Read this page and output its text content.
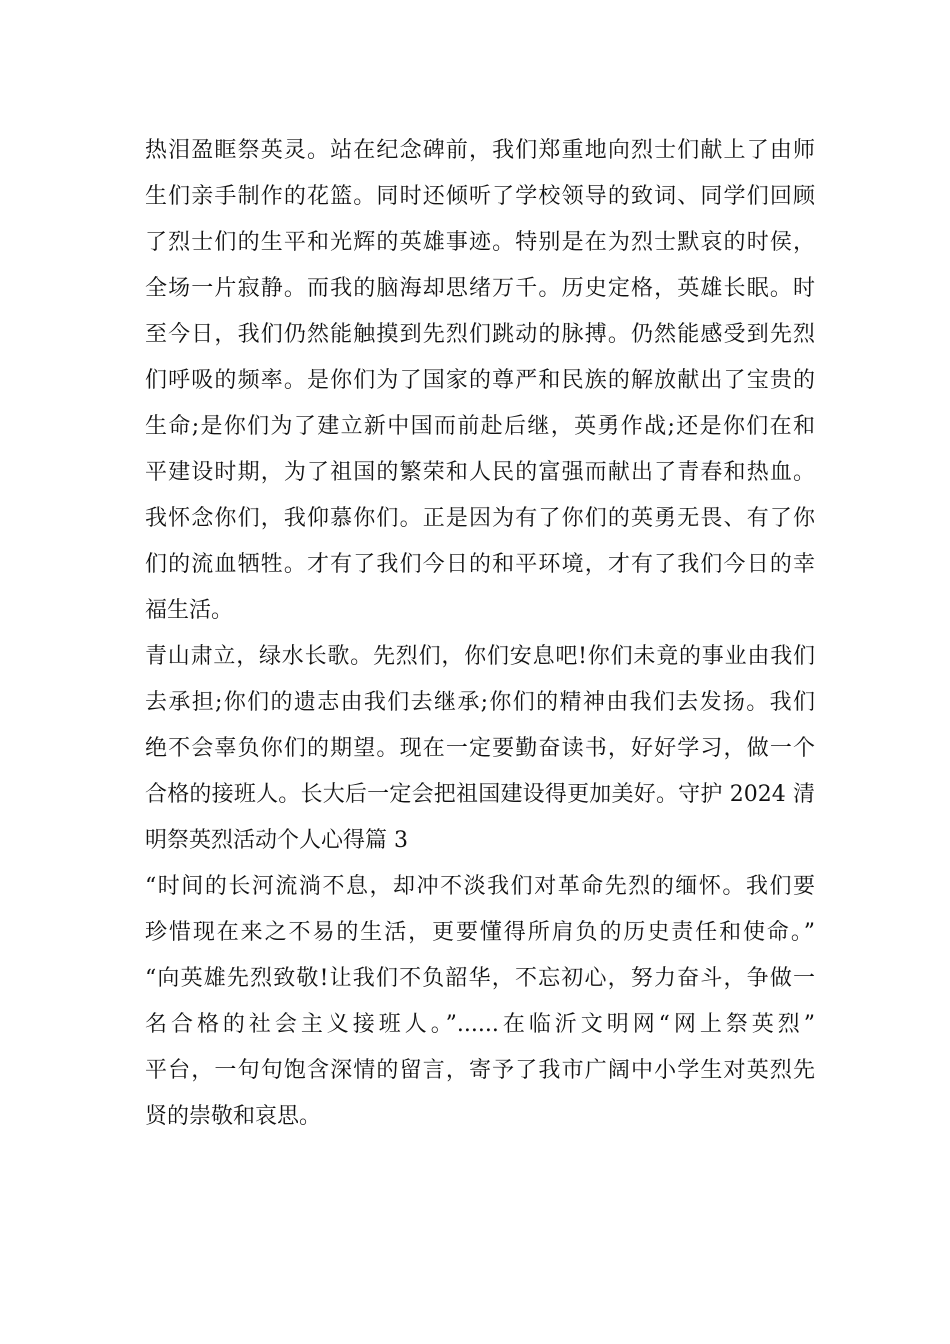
热泪盈眶祭英灵。站在纪念碑前，我们郑重地向烈士们献上了由师
生们亲手制作的花篮。同时还倾听了学校领导的致词、同学们回顾
了烈士们的生平和光辉的英雄事迹。特别是在为烈士默哀的时侯，
全场一片寂静。而我的脑海却思绪万千。历史定格，英雄长眠。时
至今日，我们仍然能触摸到先烈们跳动的脉搏。仍然能感受到先烈
们呼吸的频率。是你们为了国家的尊严和民族的解放献出了宝贵的
生命;是你们为了建立新中国而前赴后继，英勇作战;还是你们在和
平建设时期，为了祖国的繁荣和人民的富强而献出了青春和热血。
我怀念你们，我仰慕你们。正是因为有了你们的英勇无畏、有了你
们的流血牺牲。才有了我们今日的和平环境，才有了我们今日的幸
福生活。
青山肃立，绿水长歌。先烈们，你们安息吧!你们未竟的事业由我们
去承担;你们的遗志由我们去继承;你们的精神由我们去发扬。我们
绝不会辜负你们的期望。现在一定要勤奋读书，好好学习，做一个
合格的接班人。长大后一定会把祖国建设得更加美好。守护 2024 清
明祭英烈活动个人心得篇 3
“时间的长河流淌不息，却冲不淡我们对革命先烈的缅怀。我们要
珍惜现在来之不易的生活，更要懂得所肩负的历史责任和使命。”
“向英雄先烈致敬!让我们不负韶华，不忘初心，努力奋斗，争做一
名合格的社会主义接班人。”......在临沂文明网“网上祭英烈”
平台，一句句饱含深情的留言，寄予了我市广阔中小学生对英烈先
贤的崇敬和哀思。
